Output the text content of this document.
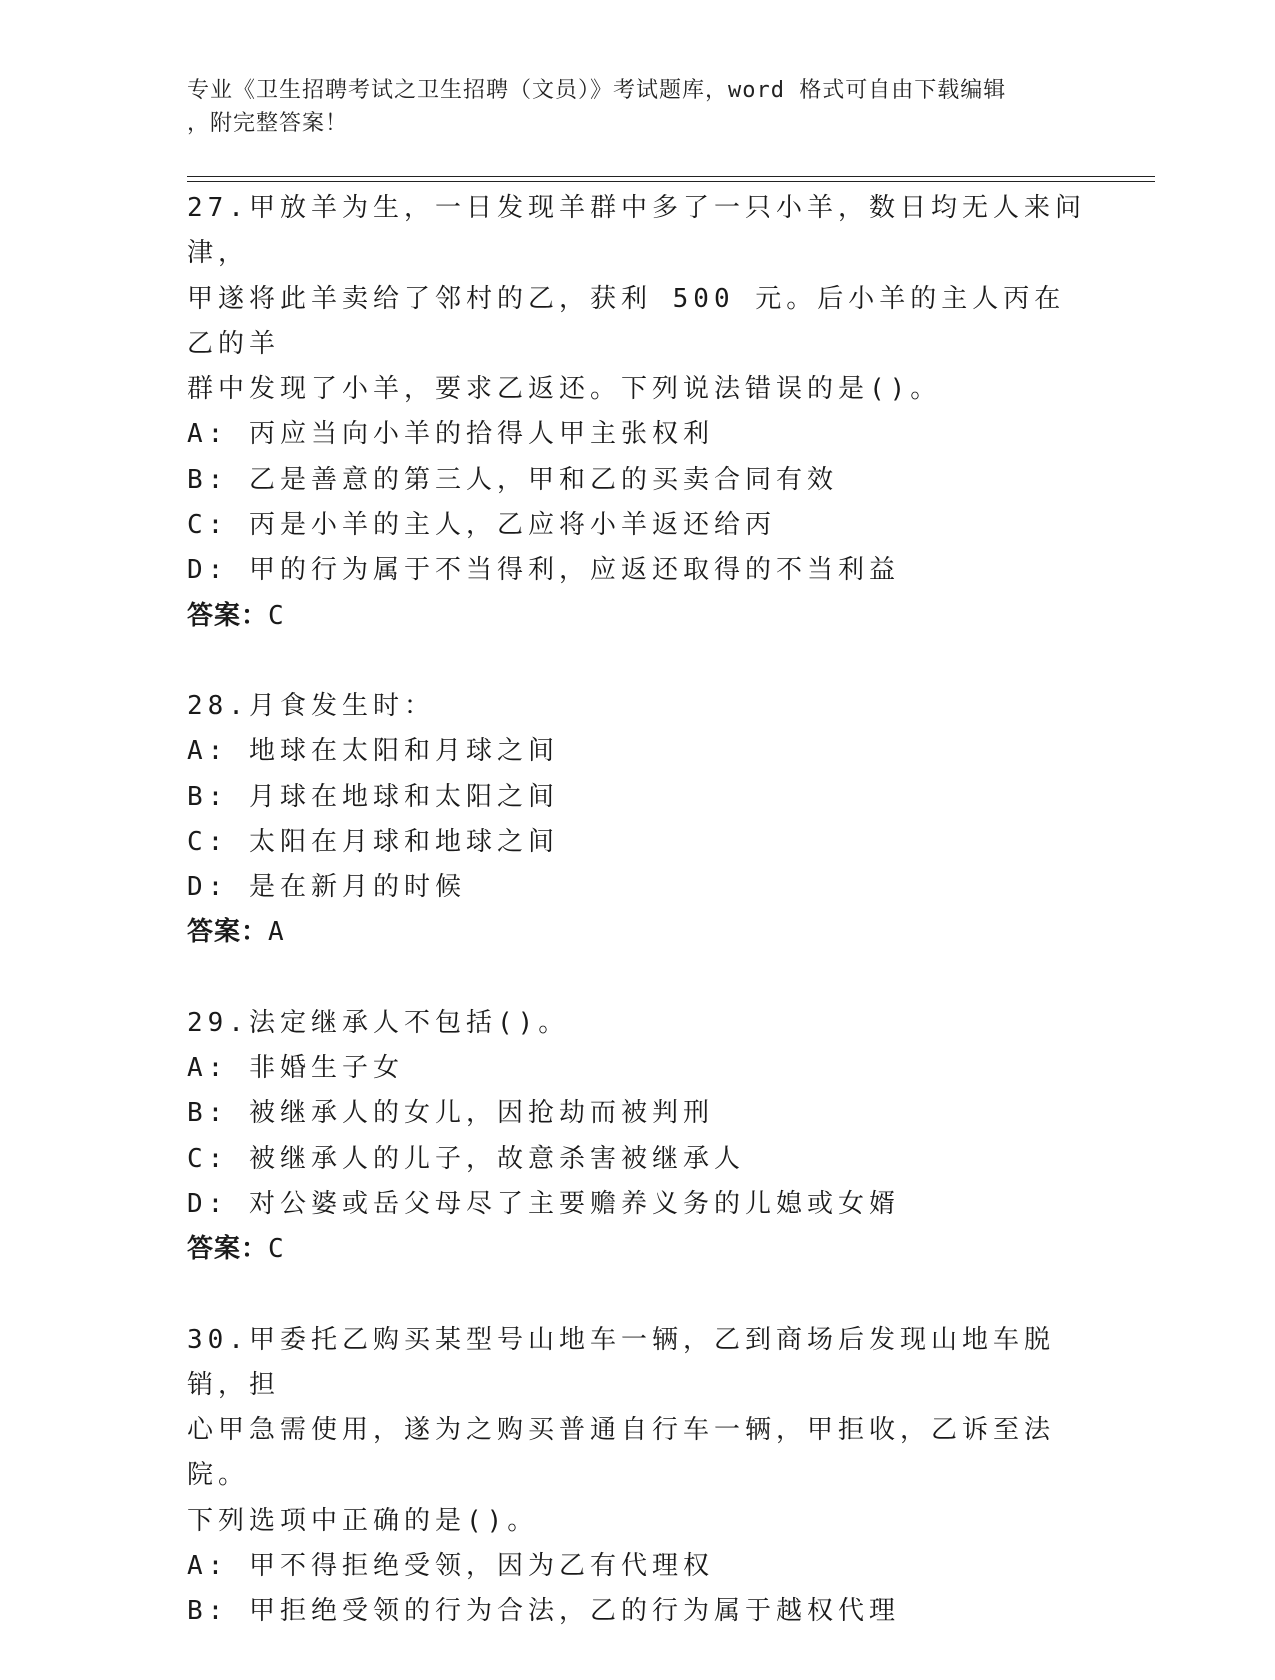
专业《卫生招聘考试之卫生招聘（文员）》考试题库，word 格式可自由下载编辑
，附完整答案！
27.甲放羊为生，一日发现羊群中多了一只小羊，数日均无人来问津，
甲遂将此羊卖给了邻村的乙，获利 500 元。后小羊的主人丙在乙的羊
群中发现了小羊，要求乙返还。下列说法错误的是()。
A: 丙应当向小羊的拾得人甲主张权利
B: 乙是善意的第三人，甲和乙的买卖合同有效
C: 丙是小羊的主人，乙应将小羊返还给丙
D: 甲的行为属于不当得利，应返还取得的不当利益
答案：C
28.月食发生时：
A: 地球在太阳和月球之间
B: 月球在地球和太阳之间
C: 太阳在月球和地球之间
D: 是在新月的时候
答案：A
29.法定继承人不包括()。
A: 非婚生子女
B: 被继承人的女儿，因抢劫而被判刑
C: 被继承人的儿子，故意杀害被继承人
D: 对公婆或岳父母尽了主要赡养义务的儿媳或女婿
答案：C
30.甲委托乙购买某型号山地车一辆，乙到商场后发现山地车脱销，担
心甲急需使用，遂为之购买普通自行车一辆，甲拒收，乙诉至法院。
下列选项中正确的是()。
A: 甲不得拒绝受领，因为乙有代理权
B: 甲拒绝受领的行为合法，乙的行为属于越权代理
